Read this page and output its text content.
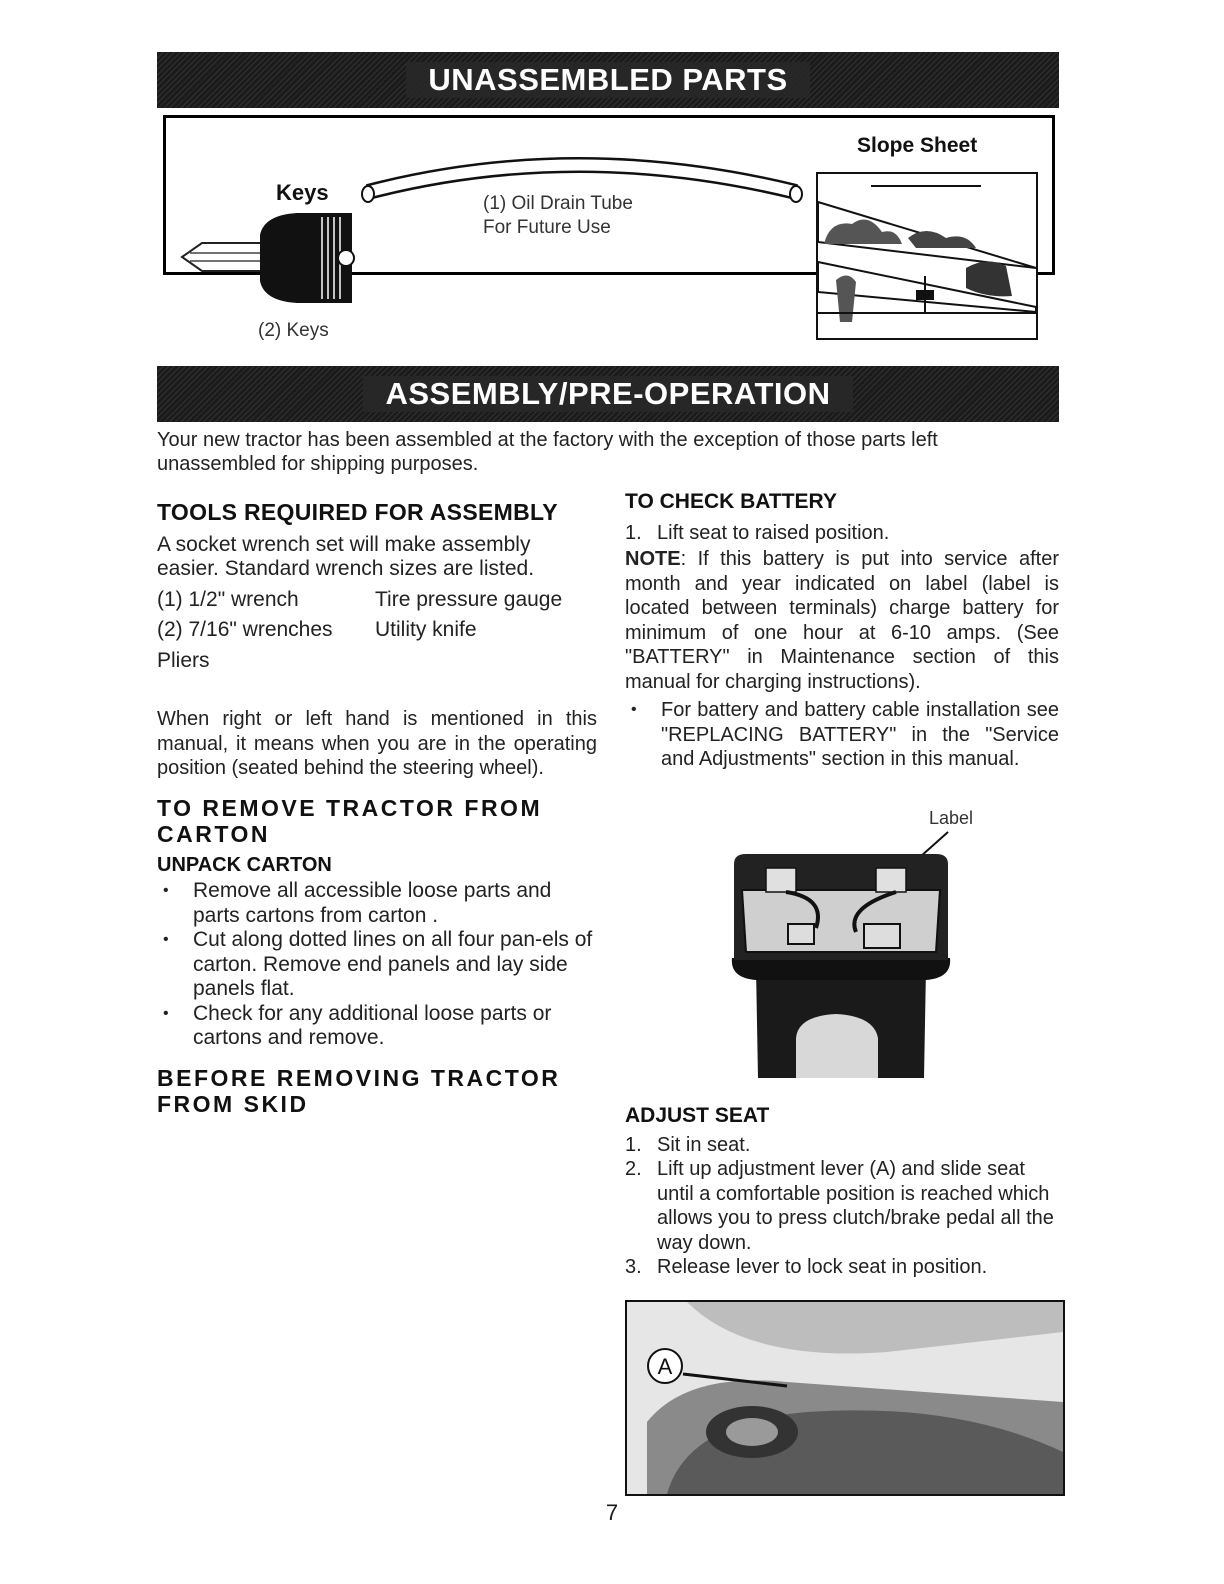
UNASSEMBLED PARTS
Keys
(2) Keys
(1) Oil Drain Tube
For Future Use
Slope Sheet
ASSEMBLY/PRE-OPERATION
Your new tractor has been assembled at the factory with the exception of those parts left unassembled for shipping purposes.
TOOLS REQUIRED FOR ASSEMBLY
A socket wrench set will make assembly easier. Standard wrench sizes are listed.
(1) 1/2" wrench	Tire pressure gauge
(2) 7/16" wrenches	Utility knife
Pliers
When right or left hand is mentioned in this manual, it means when you are in the operating position (seated behind the steering wheel).
TO REMOVE TRACTOR FROM CARTON
UNPACK CARTON
• Remove all accessible loose parts and parts cartons from carton .
• Cut along dotted lines on all four pan-els of carton. Remove end panels and lay side panels flat.
• Check for any additional loose parts or cartons and remove.
BEFORE REMOVING TRACTOR FROM SKID
TO CHECK BATTERY
1. Lift seat to raised position.
NOTE: If this battery is put into service after month and year indicated on label (label is located between terminals) charge battery for minimum of one hour at 6-10 amps. (See "BATTERY" in Maintenance section of this manual for charging instructions).
• For battery and battery cable installation see "REPLACING BATTERY" in the "Service and Adjustments" section in this manual.
Label
ADJUST SEAT
1. Sit in seat.
2. Lift up adjustment lever (A) and slide seat until a comfortable position is reached which allows you to press clutch/brake pedal all the way down.
3. Release lever to lock seat in position.
A
7
